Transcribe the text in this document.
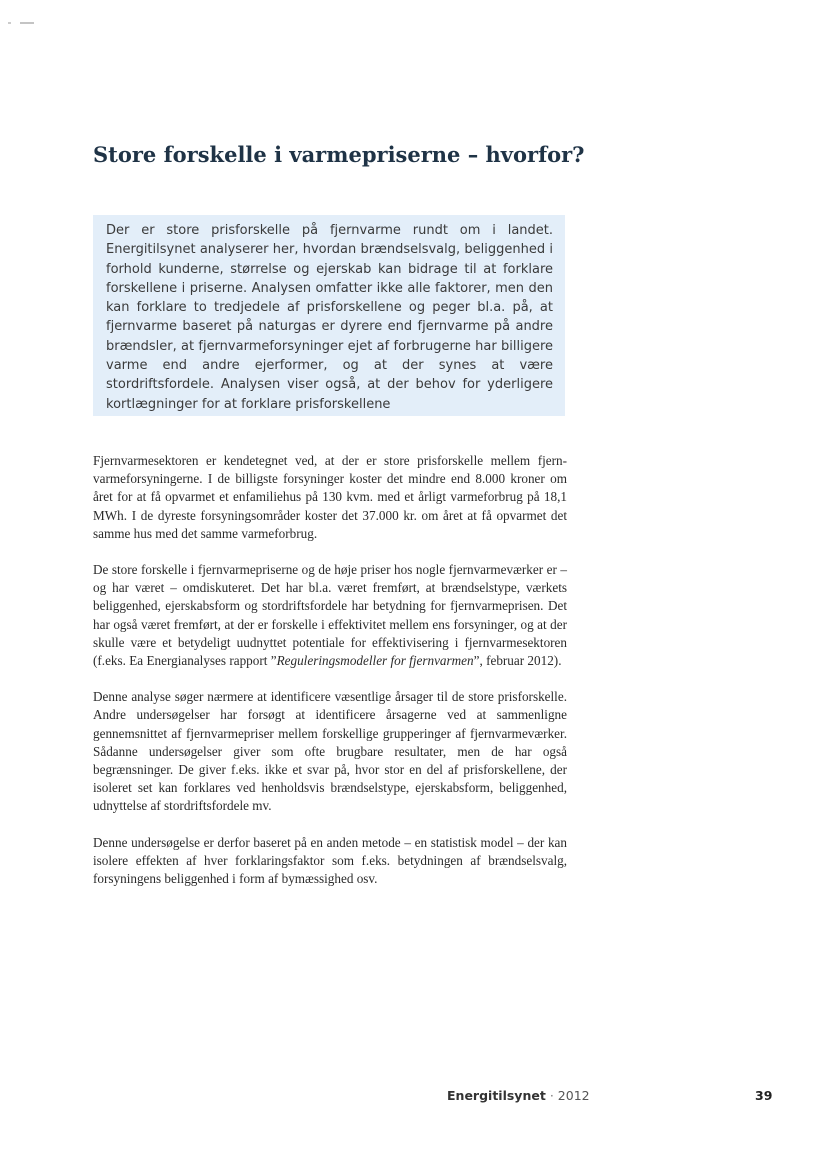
Store forskelle i varmepriserne – hvorfor?

Der er store prisforskelle på fjernvarme rundt om i landet. Energitilsynet analyserer her, hvordan brændselsvalg, beliggenhed i forhold kunderne, størrelse og ejerskab kan bidrage til at forklare forskellene i priserne. Analysen omfatter ikke alle faktorer, men den kan forklare to tredjedele af prisforskellene og peger bl.a. på, at fjernvarme baseret på naturgas er dyrere end fjernvarme på andre brændsler, at fjernvarmeforsyninger ejet af forbrugerne har billigere varme end andre ejerformer, og at der synes at være stordriftsfordele. Analysen viser også, at der behov for yderligere kortlægninger for at forklare prisforskellene

Fjernvarmesektoren er kendetegnet ved, at der er store prisforskelle mellem fjernvarmeforsyningerne. I de billigste forsyninger koster det mindre end 8.000 kroner om året for at få opvarmet et enfamiliehus på 130 kvm. med et årligt varmeforbrug på 18,1 MWh. I de dyreste forsyningsområder koster det 37.000 kr. om året at få opvarmet det samme hus med det samme varmeforbrug.

De store forskelle i fjernvarmepriserne og de høje priser hos nogle fjernvarmeværker er – og har været – omdiskuteret. Det har bl.a. været fremført, at brændselstype, værkets beliggenhed, ejerskabsform og stordriftsfordele har betydning for fjernvarmeprisen. Det har også været fremført, at der er forskelle i effektivitet mellem ens forsyninger, og at der skulle være et betydeligt uudnyttet potentiale for effektivisering i fjernvarmesektoren (f.eks. Ea Energianalyses rapport ”Reguleringsmodeller for fjernvarmen”, februar 2012).

Denne analyse søger nærmere at identificere væsentlige årsager til de store prisforskelle. Andre undersøgelser har forsøgt at identificere årsagerne ved at sammenligne gennemsnittet af fjernvarmepriser mellem forskellige grupperinger af fjernvarmeværker. Sådanne undersøgelser giver som ofte brugbare resultater, men de har også begrænsninger. De giver f.eks. ikke et svar på, hvor stor en del af prisforskellene, der isoleret set kan forklares ved henholdsvis brændselstype, ejerskabsform, beliggenhed, udnyttelse af stordriftsfordele mv.

Denne undersøgelse er derfor baseret på en anden metode – en statistisk model – der kan isolere effekten af hver forklaringsfaktor som f.eks. betydningen af brændselsvalg, forsyningens beliggenhed i form af bymæssighed osv.

Energitilsynet · 2012	39
